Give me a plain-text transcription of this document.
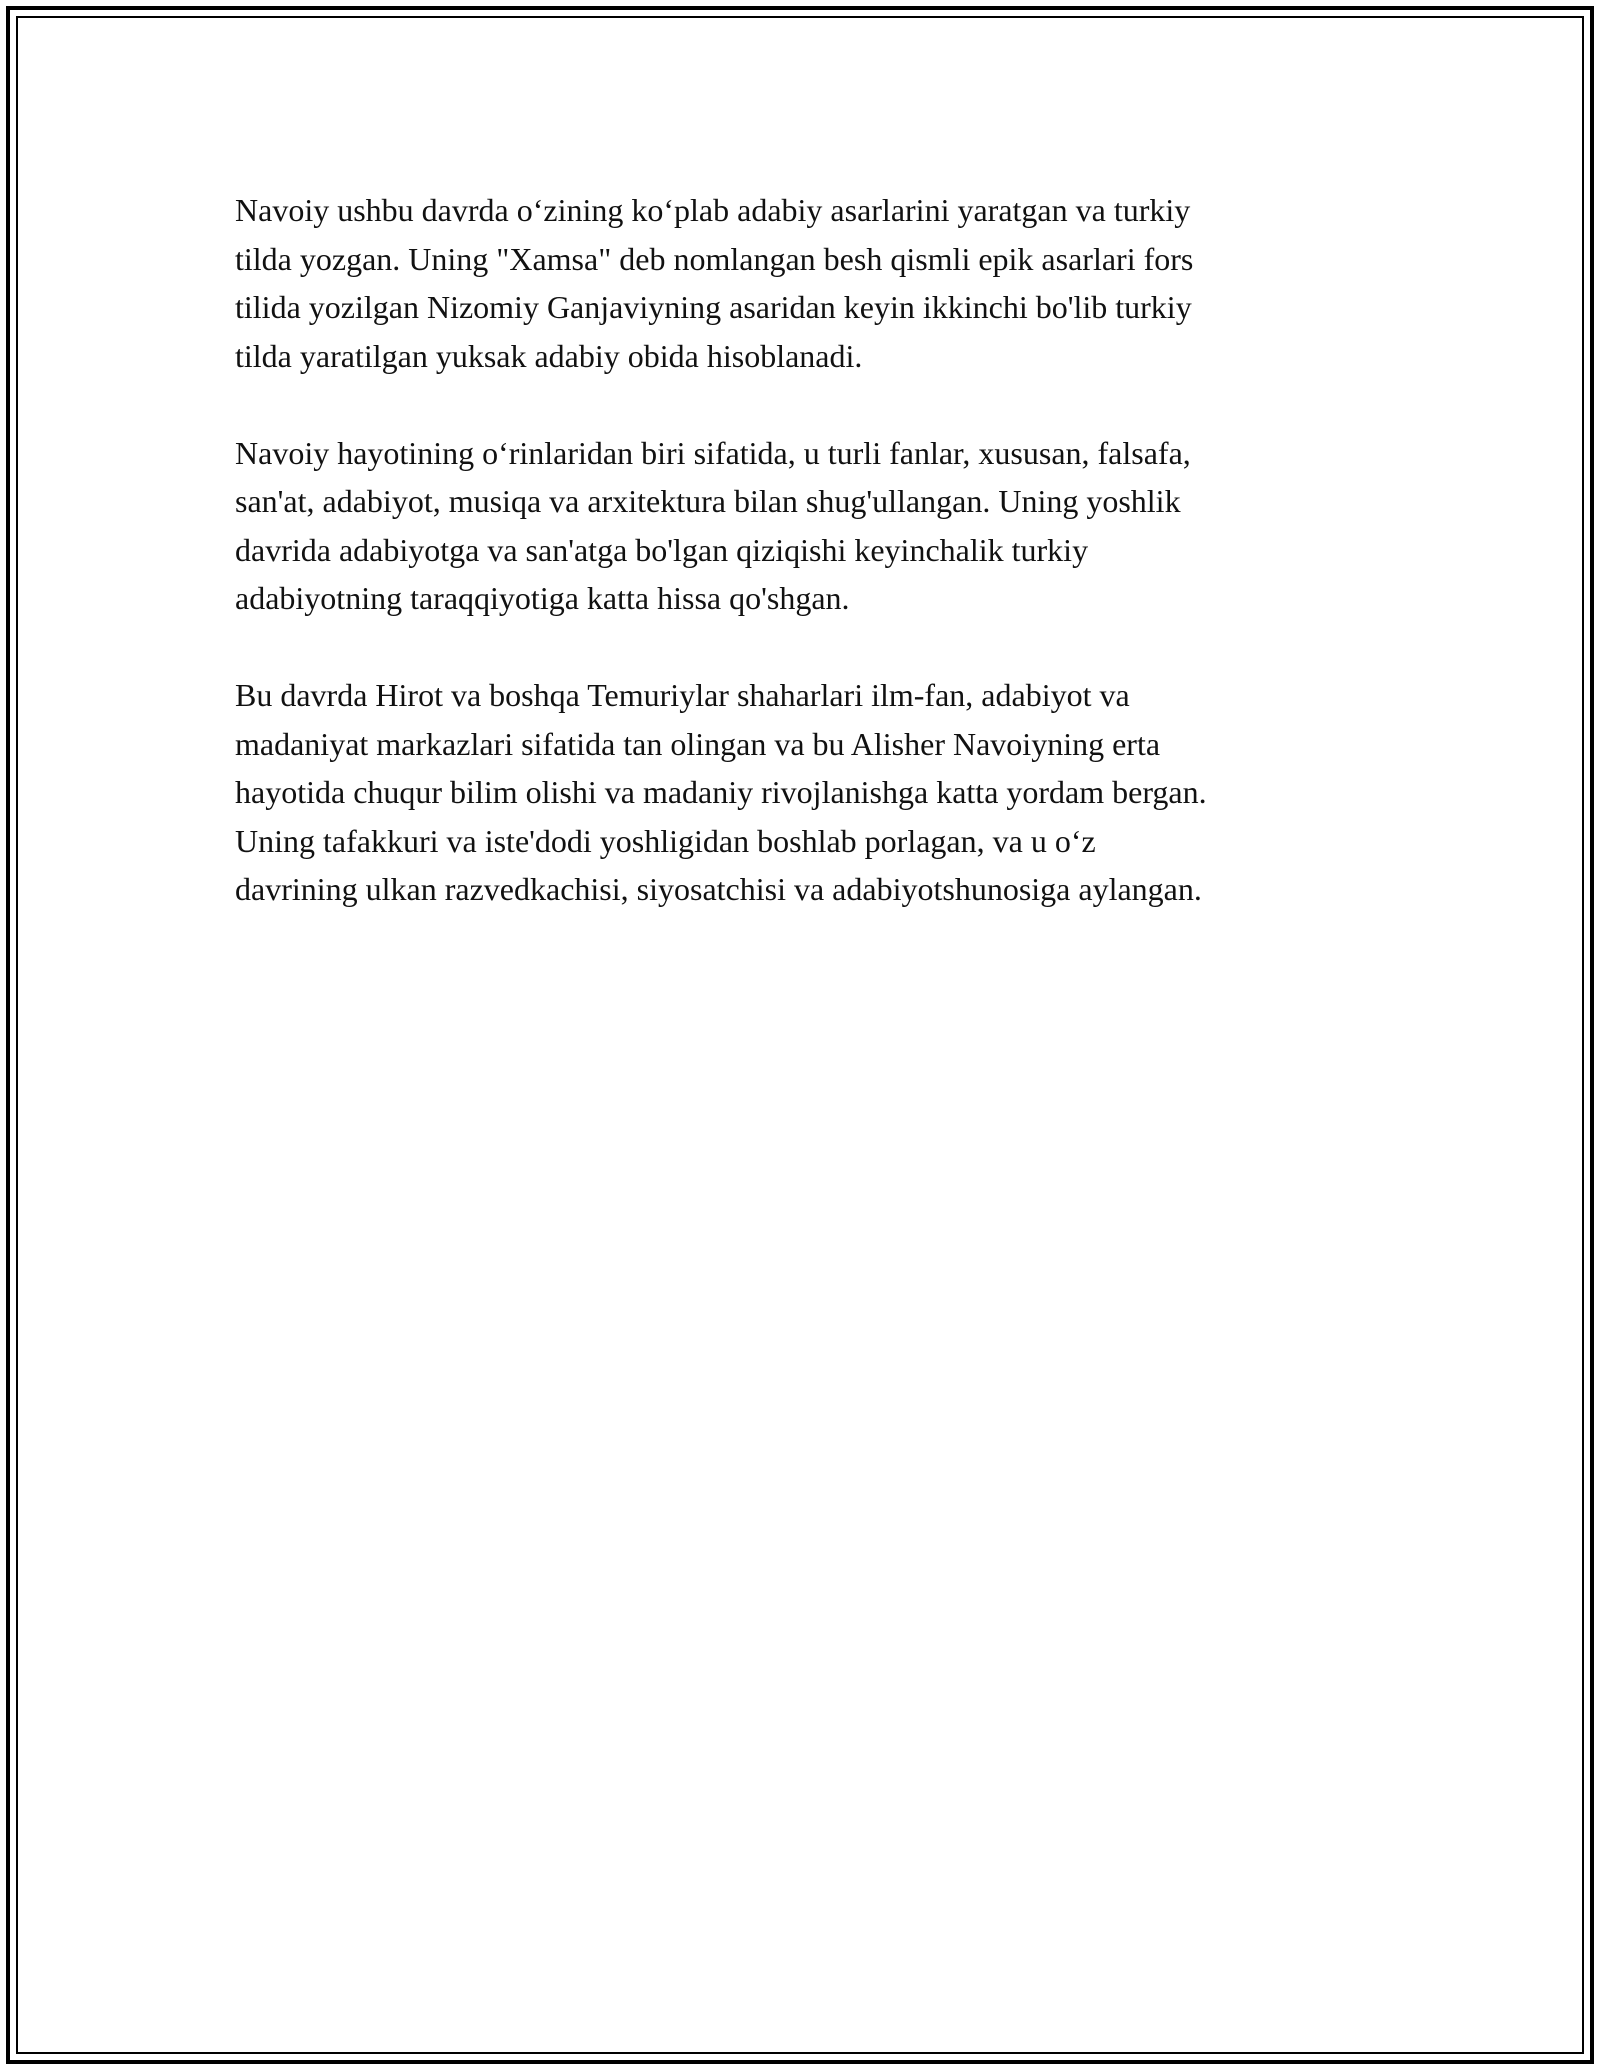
Navoiy ushbu davrda o‘zining ko‘plab adabiy asarlarini yaratgan va turkiy
tilda yozgan. Uning "Xamsa" deb nomlangan besh qismli epik asarlari fors
tilida yozilgan Nizomiy Ganjaviyning asaridan keyin ikkinchi bo'lib turkiy
tilda yaratilgan yuksak adabiy obida hisoblanadi.

Navoiy hayotining o‘rinlaridan biri sifatida, u turli fanlar, xususan, falsafa,
san'at, adabiyot, musiqa va arxitektura bilan shug'ullangan. Uning yoshlik
davrida adabiyotga va san'atga bo'lgan qiziqishi keyinchalik turkiy
adabiyotning taraqqiyotiga katta hissa qo'shgan.

Bu davrda Hirot va boshqa Temuriylar shaharlari ilm-fan, adabiyot va
madaniyat markazlari sifatida tan olingan va bu Alisher Navoiyning erta
hayotida chuqur bilim olishi va madaniy rivojlanishga katta yordam bergan.
Uning tafakkuri va iste'dodi yoshligidan boshlab porlagan, va u o‘z
davrining ulkan razvedkachisi, siyosatchisi va adabiyotshunosiga aylangan.
